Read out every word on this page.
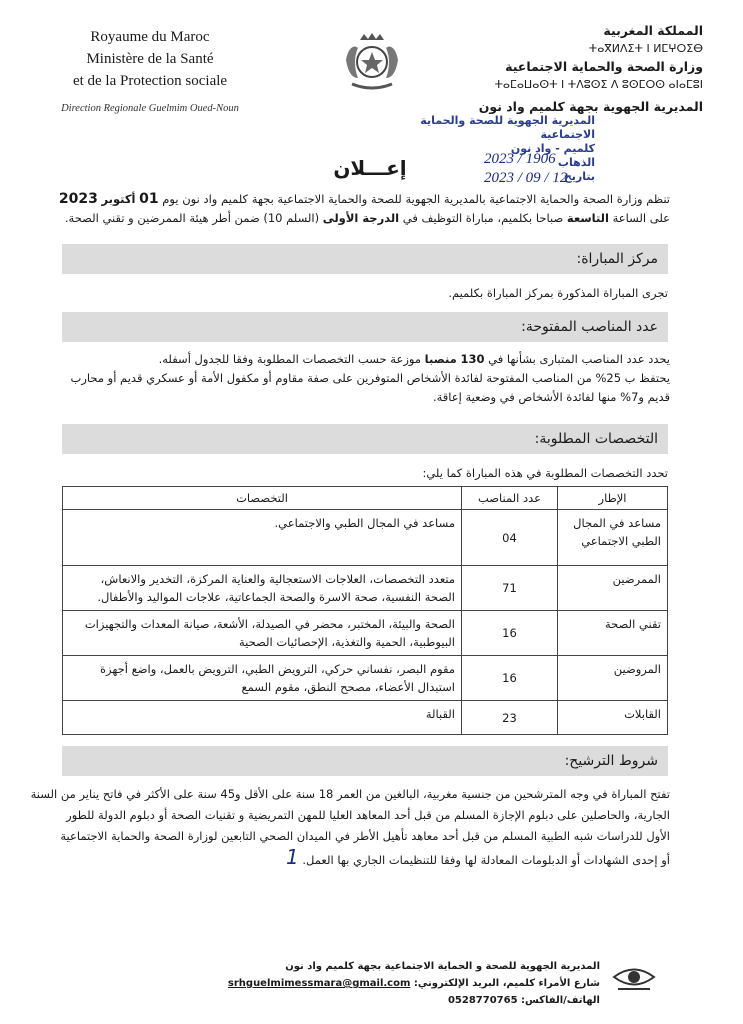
Royaume du Maroc
Ministère de la Santé
et de la Protection sociale
Direction Regionale Guelmim Oued-Noun
المملكة المغربية
ⵜⴰⴳⵍⴷⵉⵜ ⵏ ⵍⵎⵖⵔⵉⴱ
وزارة الصحة والحماية الاجتماعية
ⵜⴰⵎⴰⵡⴰⵙⵜ ⵏ ⵜⴷⵓⵙⵉ ⴷ ⵓⵙⵎⵔⵙ ⴰⵏⴰⵎⵓⵏ
المديرية الجهوية بجهة كلميم واد نون
المديرية الجهوية للصحة والحماية
الاجتماعية
كلميم - واد نون
الذهاب
بتاريخ
2023 / 1906
2023 / 09 / 12
إعـــلان
تنظم وزارة الصحة والحماية الاجتماعية بالمديرية الجهوية للصحة والحماية الاجتماعية بجهة كلميم واد نون يوم 01 أكتوبر 2023
على الساعة التاسعة صباحا بكلميم، مباراة التوظيف في الدرجة الأولى (السلم 10) ضمن أطر هيئة الممرضين و تقني الصحة.
مركز المباراة:
تجرى المباراة المذكورة بمركز المباراة بكلميم.
عدد المناصب المفتوحة:
يحدد عدد المناصب المتبارى بشأنها في 130 منصبا موزعة حسب التخصصات المطلوبة وفقا للجدول أسفله.
يحتفظ ب 25% من المناصب المفتوحة لفائدة الأشخاص المتوفرين على صفة مقاوم أو مكفول الأمة أو عسكري قديم أو محارب
قديم و7% منها لفائدة الأشخاص في وضعية إعاقة.
التخصصات المطلوبة:
تحدد التخصصات المطلوبة في هذه المباراة كما يلي:
الإطار	عدد المناصب	التخصصات
مساعد في المجال الطبي الاجتماعي	04	مساعد في المجال الطبي والاجتماعي.
الممرضين	71	متعدد التخصصات، العلاجات الاستعجالية والعناية المركزة، التخدير والانعاش، الصحة النفسية، صحة الاسرة والصحة الجماعاتية، علاجات المواليد والأطفال.
تقني الصحة	16	الصحة والبيئة، المختبر، محضر في الصيدلة، الأشعة، صيانة المعدات والتجهيزات البيوطبية، الحمية والتغذية، الإحصائيات الصحية
المروضين	16	مقوم البصر، نفساني حركي، الترويض الطبي، الترويض بالعمل، واضع أجهزة استبدال الأعضاء، مصحح النطق، مقوم السمع
القابلات	23	القبالة
شروط الترشيح:
تفتح المباراة في وجه المترشحين من جنسية مغربية، البالغين من العمر 18 سنة على الأقل و45 سنة على الأكثر في فاتح يناير من السنة
الجارية، والحاصلين على دبلوم الإجازة المسلم من قبل أحد المعاهد العليا للمهن التمريضية و تقنيات الصحة أو دبلوم الدولة للطور
الأول للدراسات شبه الطبية المسلم من قبل أحد معاهد تأهيل الأطر في الميدان الصحي التابعين لوزارة الصحة والحماية الاجتماعية
أو إحدى الشهادات أو الدبلومات المعادلة لها وفقا للتنظيمات الجاري بها العمل. 1
المديرية الجهوية للصحة و الحماية الاجتماعية بجهة كلميم واد نون
شارع الأمراء كلميم، البريد الإلكتروني: srhguelmimessmara@gmail.com
الهاتف/الفاكس: 0528770765
